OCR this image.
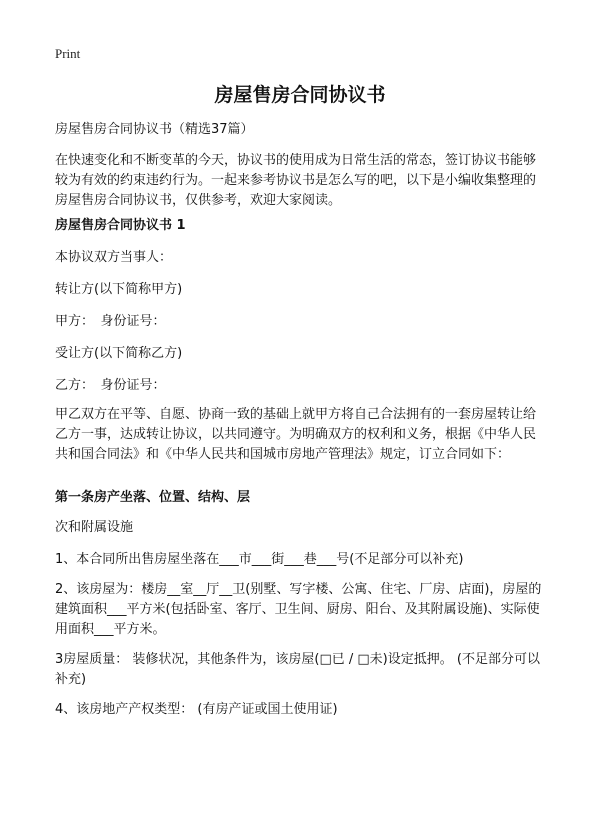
Print
房屋售房合同协议书

房屋售房合同协议书（精选37篇）

在快速变化和不断变革的今天，协议书的使用成为日常生活的常态，签订协议书能够较为有效的约束违约行为。一起来参考协议书是怎么写的吧，以下是小编收集整理的房屋售房合同协议书，仅供参考，欢迎大家阅读。

房屋售房合同协议书 1

本协议双方当事人：

转让方(以下简称甲方)

甲方：　身份证号：

受让方(以下简称乙方)

乙方：　身份证号：

甲乙双方在平等、自愿、协商一致的基础上就甲方将自己合法拥有的一套房屋转让给乙方一事，达成转让协议，以共同遵守。为明确双方的权利和义务，根据《中华人民共和国合同法》和《中华人民共和国城市房地产管理法》规定，订立合同如下：

第一条房产坐落、位置、结构、层

次和附属设施

1、本合同所出售房屋坐落在___市___街___巷___号(不足部分可以补充)

2、该房屋为：楼房__室__厅__卫(别墅、写字楼、公寓、住宅、厂房、店面)，房屋的建筑面积___平方米(包括卧室、客厅、卫生间、厨房、阳台、及其附属设施)、实际使用面积___平方米。

3房屋质量： 装修状况，其他条件为，该房屋(□已 / □未)设定抵押。 (不足部分可以补充)

4、该房地产产权类型： (有房产证或国土使用证)
